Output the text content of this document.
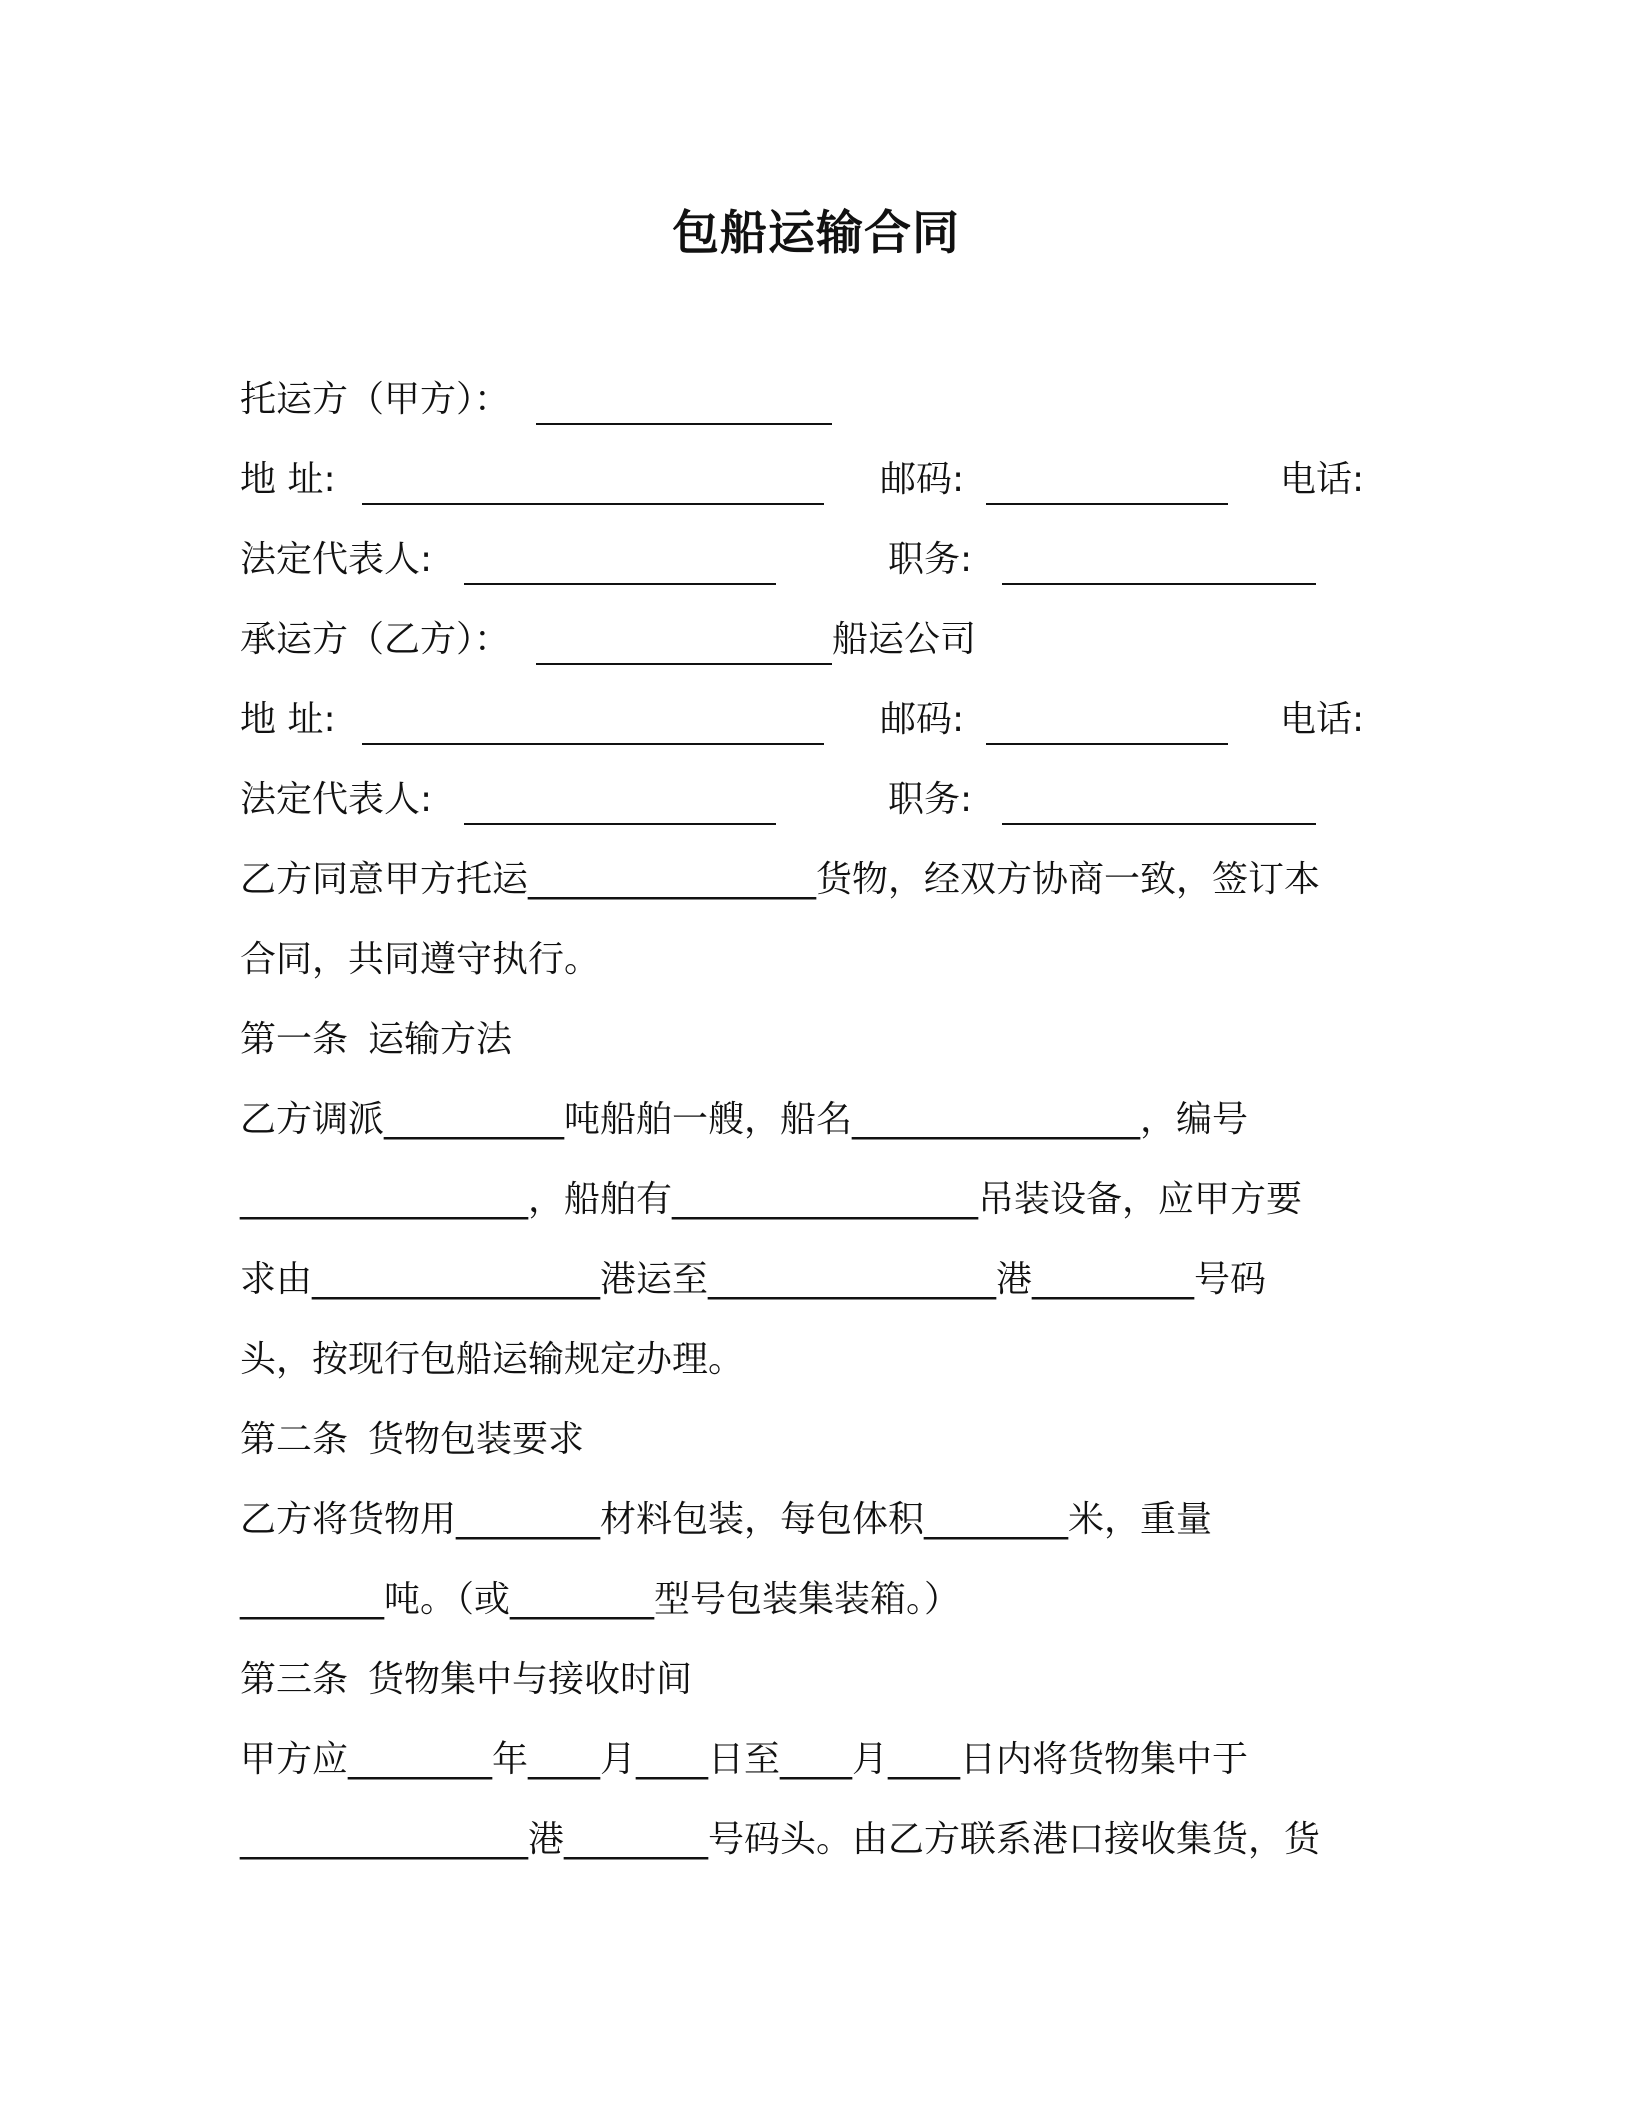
包船运输合同
托运方（甲方）：
地 址:	邮码:	电话:
法定代表人:	职务:
承运方（乙方）：	船运公司
地 址:	邮码:	电话:
法定代表人:	职务:
乙方同意甲方托运________________货物，经双方协商一致，签订本
合同，共同遵守执行。
第一条 运输方法
乙方调派__________吨船舶一艘，船名________________，编号
________________，船舶有_________________吊装设备，应甲方要
求由________________港运至________________港_________号码
头，按现行包船运输规定办理。
第二条 货物包装要求
乙方将货物用________材料包装，每包体积________米，重量
________吨。（或________型号包装集装箱。）
第三条 货物集中与接收时间
甲方应________年____月____日至____月____日内将货物集中于
________________港________号码头。由乙方联系港口接收集货，货
